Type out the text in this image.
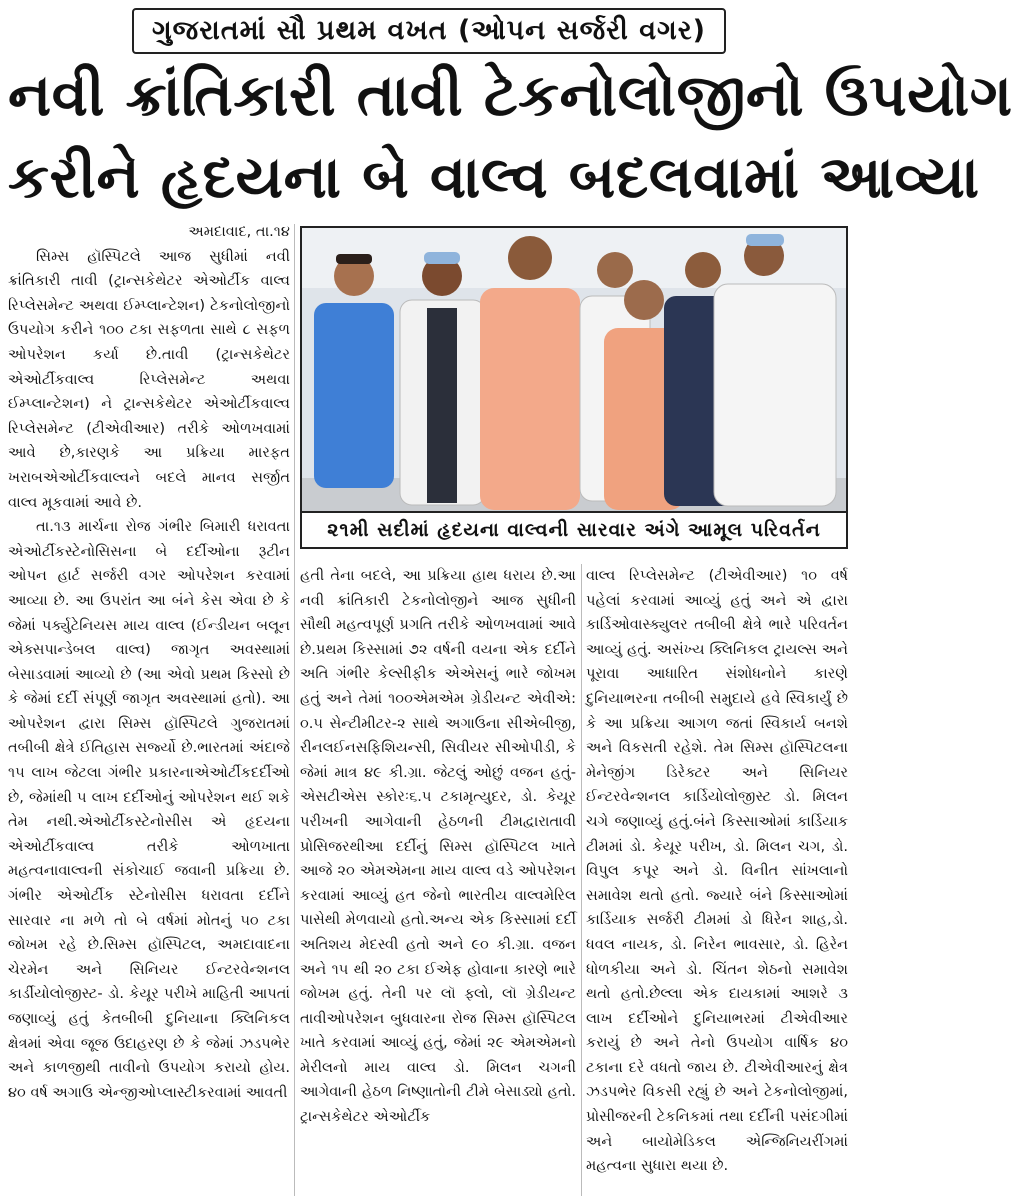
ગુજરાતમાં સૌ પ્રથમ વખત (ઓપન સર્જરી વગર)
નવી ક્રાંતિકારી તાવી ટેકનોલોજીનો ઉપયોગ
કરીને હૃદયના બે વાલ્વ બદલવામાં આવ્યા
અમદાવાદ, તા.૧૪

સિમ્સ હૉસ્પિટલે આજ સુધીમાં નવી ક્રાંતિકારી તાવી (ટ્રાન્સકેથેટર એઓર્ટીક વાલ્વ રિપ્લેસમેન્ટ અથવા ઈમ્પ્લાન્ટેશન) ટેકનોલોજીનો ઉપયોગ કરીને ૧૦૦ ટકા સફળતા સાથે ૮ સફળ ઓપરેશન કર્યા છે.તાવી (ટ્રાન્સકેથેટર એઓર્ટીકવાલ્વ રિપ્લેસમેન્ટ અથવા ઈમ્પ્લાન્ટેશન) ને ટ્રાન્સકેથેટર એઓર્ટીકવાલ્વ રિપ્લેસમેન્ટ (ટીએવીઆર) તરીકે ઓળખવામાં આવે છે,કારણકે આ પ્રક્રિયા મારફત ખરાબએઓર્ટીકવાલ્વને બદલે માનવ સર્જીત વાલ્વ મૂકવામાં આવે છે.

તા.૧૩ માર્ચના રોજ ગંભીર બિમારી ધરાવતા એઓર્ટીકસ્ટેનોસિસના બે દર્દીઓના રૂટીન ઓપન હાર્ટ સર્જરી વગર ઓપરેશન કરવામાં આવ્યા છે. આ ઉપરાંત આ બંને કેસ એવા છે કે જેમાં પર્ક્યુટેનિયસ માય વાલ્વ (ઈન્ડીયન બલૂન એક્સપાન્ડેબલ વાલ્વ) જાગૃત અવસ્થામાં બેસાડવામાં આવ્યો છે (આ એવો પ્રથમ કિસ્સો છે કે જેમાં દર્દી સંપૂર્ણ જાગૃત અવસ્થામાં હતો). આ ઓપરેશન દ્વારા સિમ્સ હૉસ્પિટલે ગુજરાતમાં તબીબી ક્ષેત્રે ઈતિહાસ સર્જ્યો છે.ભારતમાં અંદાજે ૧૫ લાખ જેટલા ગંભીર પ્રકારનાએઓર્ટીકદર્દીઓ છે, જેમાંથી ૫ લાખ દર્દીઓનું ઓપરેશન થઈ શકે તેમ નથી.એઓર્ટીકસ્ટેનોસીસ એ હૃદયના એઓર્ટીકવાલ્વ તરીકે ઓળખાતા મહત્વનાવાલ્વની સંકોચાઈ જવાની પ્રક્રિયા છે. ગંભીર એઓર્ટીક સ્ટેનોસીસ ધરાવતા દર્દીને સારવાર ના મળે તો બે વર્ષમાં મોતનું ૫૦ ટકા જોખમ રહે છે.સિમ્સ હૉસ્પિટલ, અમદાવાદના ચેરમેન અને સિનિયર ઈન્ટરવેન્શનલ કાર્ડીયોલોજીસ્ટ- ડો. કેયૂર પરીખે માહિતી આપતાં જણાવ્યું હતું કેતબીબી દુનિયાના ક્લિનિકલ ક્ષેત્રમાં એવા જૂજ ઉદાહરણ છે કે જેમાં ઝડપભેર અને કાળજીથી તાવીનો ઉપયોગ કરાયો હોય. ૪૦ વર્ષ અગાઉ એન્જીઓપ્લાસ્ટીકરવામાં આવતી

૨૧મી સદીમાં હૃદયના વાલ્વની સારવાર અંગે આમૂલ પરિવર્તન

હતી તેના બદલે, આ પ્રક્રિયા હાથ ધરાય છે.આ નવી ક્રાંતિકારી ટેકનોલોજીને આજ સુધીની સૌથી મહત્વપૂર્ણ પ્રગતિ તરીકે ઓળખવામાં આવે છે.પ્રથમ કિસ્સામાં ૭૨ વર્ષની વયના એક દર્દીને અતિ ગંભીર કેલ્સીફીક એએસનું ભારે જોખમ હતું અને તેમાં ૧૦૦એમએમ ગ્રેડીયન્ટ એવીએ: ૦.૫ સેન્ટીમીટર-૨ સાથે અગાઉના સીએબીજી, રીનલઈનસફિશિયન્સી, સિવીયર સીઓપીડી, કે જેમાં માત્ર ૪૯ કી.ગ્રા. જેટલું ઓછું વજન હતું- એસટીએસ સ્કોરઃ૬.૫ ટકામૃત્યુદર, ડો. કેયૂર પરીખની આગેવાની હેઠળની ટીમદ્વારાતાવી પ્રોસિજરથીઆ દર્દીનું સિમ્સ હૉસ્પિટલ ખાતે આજે ૨૦ એમએમના માય વાલ્વ વડે ઓપરેશન કરવામાં આવ્યું હત જેનો ભારતીય વાલ્વમેરિલ પાસેથી મેળવાયો હતો.અન્ય એક કિસ્સામાં દર્દી અતિશય મેદસ્વી હતો અને ૯૦ કી.ગ્રા. વજન અને ૧૫ થી ૨૦ ટકા ઈએફ હોવાના કારણે ભારે જોખમ હતું. તેની પર લૉ ફ્લો, લૉ ગ્રેડીયન્ટ તાવીઓપરેશન બુધવારના રોજ સિમ્સ હૉસ્પિટલ ખાતે કરવામાં આવ્યું હતું, જેમાં ૨૯ એમએમનો મેરીલનો માય વાલ્વ ડો. મિલન ચગની આગેવાની હેઠળ નિષ્ણાતોની ટીમે બેસાડ્યો હતો. ટ્રાન્સકેથેટર એઓર્ટીક

વાલ્વ રિપ્લેસમેન્ટ (ટીએવીઆર) ૧૦ વર્ષ પહેલાં કરવામાં આવ્યું હતું અને એ દ્વારા કાર્ડિઓવાસ્ક્યુલર તબીબી ક્ષેત્રે ભારે પરિવર્તન આવ્યું હતું. અસંખ્ય ક્લિનિકલ ટ્રાયલ્સ અને પૂરાવા આધારિત સંશોધનોને કારણે દુનિયાભરના તબીબી સમુદાયે હવે સ્વિકાર્યું છે કે આ પ્રક્રિયા આગળ જતાં સ્વિકાર્ય બનશે અને વિકસતી રહેશે. તેમ સિમ્સ હૉસ્પિટલના મેનેજીંગ ડિરેક્ટર અને સિનિયર ઈન્ટરવેન્શનલ કાર્ડિયોલોજીસ્ટ ડો. મિલન ચગે જણાવ્યું હતું.બંને કિસ્સાઓમાં કાર્ડિયાક ટીમમાં ડો. કેયૂર પરીખ, ડો. મિલન ચગ, ડો. વિપુલ કપૂર અને ડો. વિનીત સાંખલાનો સમાવેશ થતો હતો. જ્યારે બંને કિસ્સાઓમાં કાર્ડિયાક સર્જરી ટીમમાં ડો ધિરેન શાહ,ડો. ધવલ નાયક, ડો. નિરેન ભાવસાર, ડો. હિરેન ધોળકીયા અને ડો. ચિંતન શેઠનો સમાવેશ થતો હતો.છેલ્લા એક દાયકામાં આશરે ૩ લાખ દર્દીઓને દુનિયાભરમાં ટીએવીઆર કરાયું છે અને તેનો ઉપયોગ વાર્ષિક ૪૦ ટકાના દરે વધતો જાય છે. ટીએવીઆરનું ક્ષેત્ર ઝડપભેર વિકસી રહ્યું છે અને ટેકનોલોજીમાં, પ્રોસીજરની ટેકનિકમાં તથા દર્દીની પસંદગીમાં અને બાયોમેડિકલ એન્જિનિયરીંગમાં મહત્વના સુધારા થયા છે.
